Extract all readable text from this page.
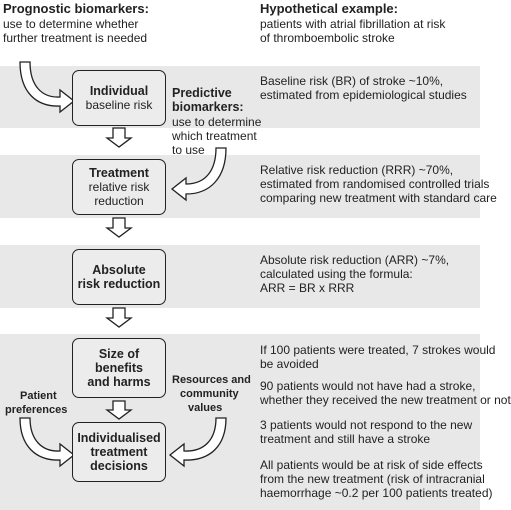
Prognostic biomarkers:
use to determine whether
further treatment is needed
Hypothetical example:
patients with atrial fibrillation at risk
of thromboembolic stroke
Individual
baseline risk
Treatment
relative risk
reduction
Absolute
risk reduction
Size of
benefits
and harms
Individualised
treatment
decisions
Predictive
biomarkers:
use to determine
which treatment
to use
Patient
preferences
Resources and
community
values
Baseline risk (BR) of stroke ~10%,
estimated from epidemiological studies
Relative risk reduction (RRR) ~70%,
estimated from randomised controlled trials
comparing new treatment with standard care
Absolute risk reduction (ARR) ~7%,
calculated using the formula:
ARR = BR x RRR
If 100 patients were treated, 7 strokes would
be avoided
90 patients would not have had a stroke,
whether they received the new treatment or not
3 patients would not respond to the new
treatment and still have a stroke
All patients would be at risk of side effects
from the new treatment (risk of intracranial
haemorrhage ~0.2 per 100 patients treated)
